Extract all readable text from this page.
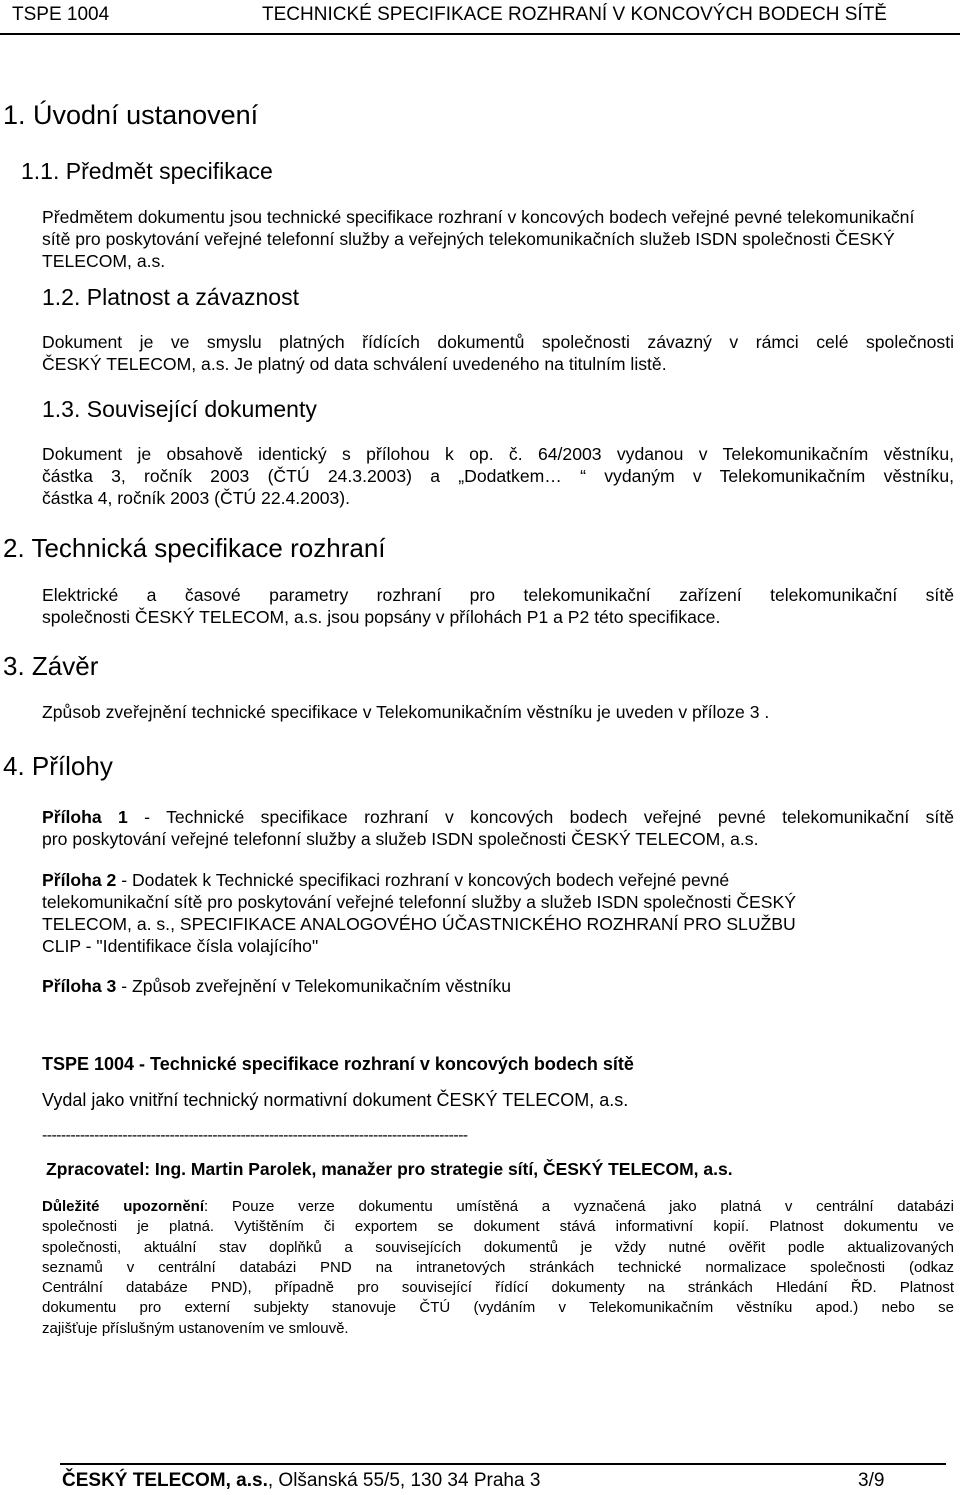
TSPE 1004	TECHNICKÉ SPECIFIKACE ROZHRANÍ V KONCOVÝCH BODECH SÍTĚ
1. Úvodní ustanovení
1.1. Předmět specifikace
Předmětem dokumentu jsou technické specifikace rozhraní v koncových bodech veřejné pevné telekomunikační
sítě pro poskytování veřejné telefonní služby a veřejných telekomunikačních služeb ISDN společnosti ČESKÝ
TELECOM, a.s.
1.2. Platnost a závaznost
Dokument je ve smyslu platných řídících dokumentů společnosti závazný v rámci celé společnosti
ČESKÝ TELECOM, a.s. Je platný od data schválení uvedeného na titulním listě.
1.3. Související dokumenty
Dokument je obsahově identický s přílohou k op. č. 64/2003 vydanou v Telekomunikačním věstníku,
částka 3, ročník 2003 (ČTÚ 24.3.2003) a „Dodatkem… “ vydaným v Telekomunikačním věstníku,
částka 4, ročník 2003 (ČTÚ 22.4.2003).
2. Technická specifikace rozhraní
Elektrické a časové parametry rozhraní pro telekomunikační zařízení telekomunikační sítě
společnosti ČESKÝ TELECOM, a.s. jsou popsány v přílohách P1 a P2 této specifikace.
3. Závěr
Způsob zveřejnění technické specifikace v Telekomunikačním věstníku je uveden v příloze 3 .
4. Přílohy
Příloha 1 - Technické specifikace rozhraní v koncových bodech veřejné pevné telekomunikační sítě
pro poskytování veřejné telefonní služby a služeb ISDN společnosti ČESKÝ TELECOM, a.s.
Příloha 2 - Dodatek k Technické specifikaci rozhraní v koncových bodech veřejné pevné
telekomunikační sítě pro poskytování veřejné telefonní služby a služeb ISDN společnosti ČESKÝ
TELECOM, a. s., SPECIFIKACE ANALOGOVÉHO ÚČASTNICKÉHO ROZHRANÍ PRO SLUŽBU
CLIP - "Identifikace čísla volajícího"
Příloha 3 - Způsob zveřejnění v Telekomunikačním věstníku
TSPE 1004 - Technické specifikace rozhraní v koncových bodech sítě
Vydal jako vnitřní technický normativní dokument ČESKÝ TELECOM, a.s.
------------------------------------------------------------------------------------------
Zpracovatel: Ing. Martin Parolek, manažer pro strategie sítí, ČESKÝ TELECOM, a.s.
Důležité upozornění: Pouze verze dokumentu umístěná a vyznačená jako platná v centrální databázi
společnosti je platná. Vytištěním či exportem se dokument stává informativní kopií. Platnost dokumentu ve
společnosti, aktuální stav doplňků a souvisejících dokumentů je vždy nutné ověřit podle aktualizovaných
seznamů v centrální databázi PND na intranetových stránkách technické normalizace společnosti (odkaz
Centrální databáze PND), případně pro související řídící dokumenty na stránkách Hledání ŘD. Platnost
dokumentu pro externí subjekty stanovuje ČTÚ (vydáním v Telekomunikačním věstníku apod.) nebo se
zajišťuje příslušným ustanovením ve smlouvě.
ČESKÝ TELECOM, a.s., Olšanská 55/5, 130 34 Praha 3	3/9
